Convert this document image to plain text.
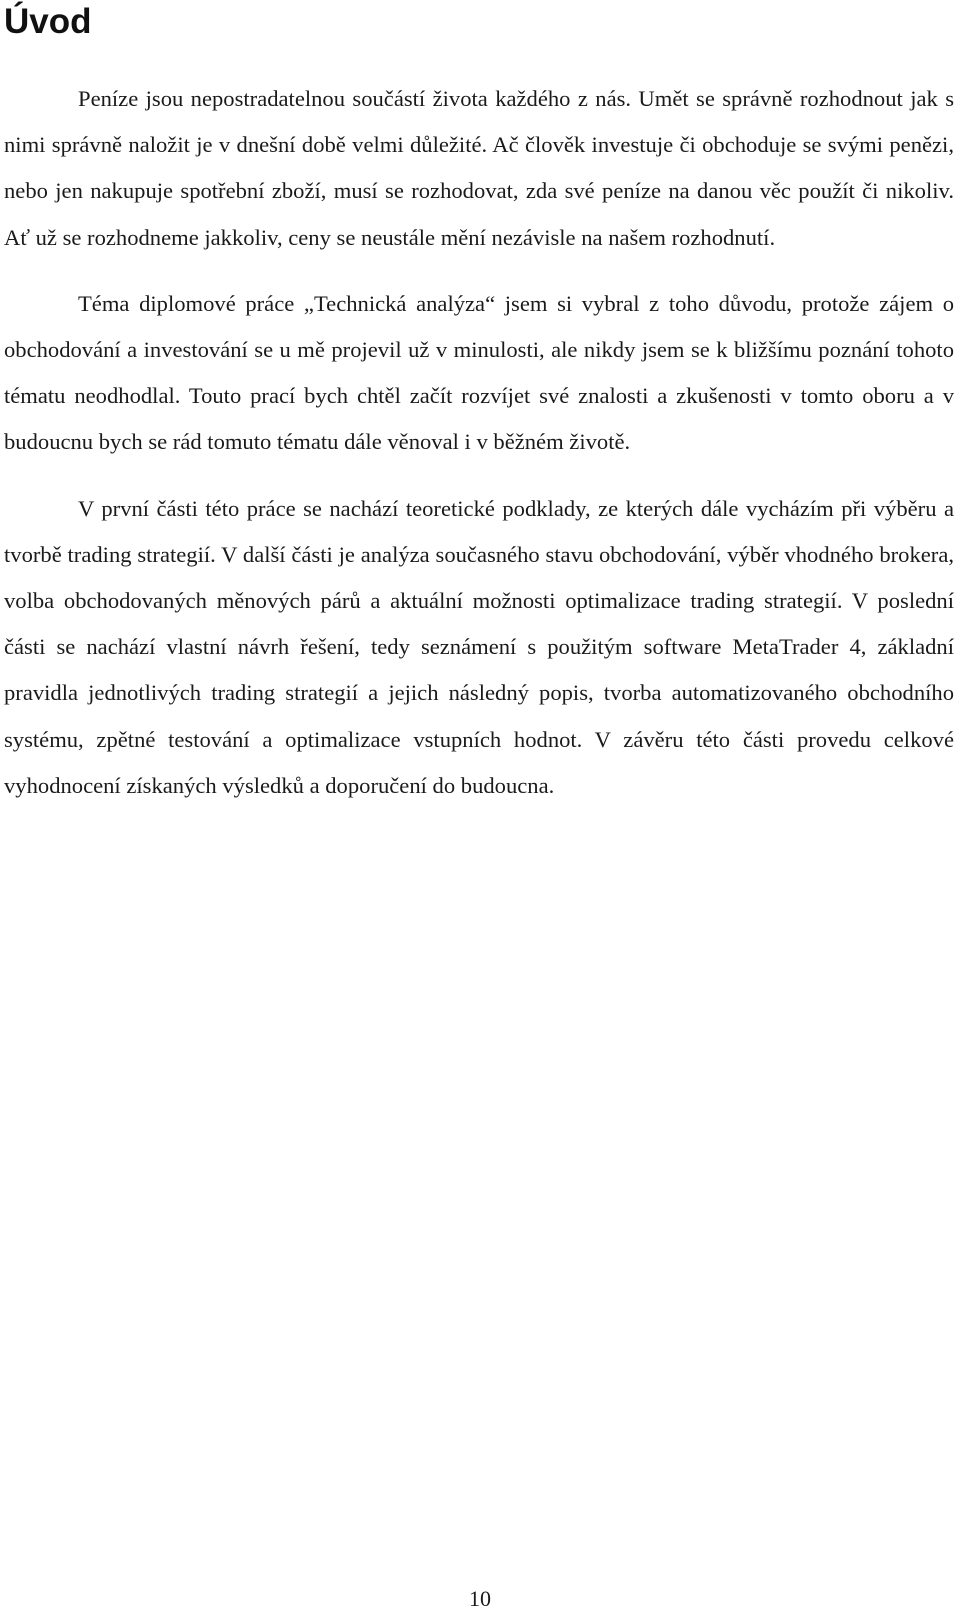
Úvod

Peníze jsou nepostradatelnou součástí života každého z nás. Umět se správně rozhodnout jak s nimi správně naložit je v dnešní době velmi důležité. Ač člověk investuje či obchoduje se svými penězi, nebo jen nakupuje spotřební zboží, musí se rozhodovat, zda své peníze na danou věc použít či nikoliv. Ať už se rozhodneme jakkoliv, ceny se neustále mění nezávisle na našem rozhodnutí.

Téma diplomové práce „Technická analýza“ jsem si vybral z toho důvodu, protože zájem o obchodování a investování se u mě projevil už v minulosti, ale nikdy jsem se k bližšímu poznání tohoto tématu neodhodlal. Touto prací bych chtěl začít rozvíjet své znalosti a zkušenosti v tomto oboru a v budoucnu bych se rád tomuto tématu dále věnoval i v běžném životě.

V první části této práce se nachází teoretické podklady, ze kterých dále vycházím při výběru a tvorbě trading strategií. V další části je analýza současného stavu obchodování, výběr vhodného brokera, volba obchodovaných měnových párů a aktuální možnosti optimalizace trading strategií. V poslední části se nachází vlastní návrh řešení, tedy seznámení s použitým software MetaTrader 4, základní pravidla jednotlivých trading strategií a jejich následný popis, tvorba automatizovaného obchodního systému, zpětné testování a optimalizace vstupních hodnot. V závěru této části provedu celkové vyhodnocení získaných výsledků a doporučení do budoucna.

10
